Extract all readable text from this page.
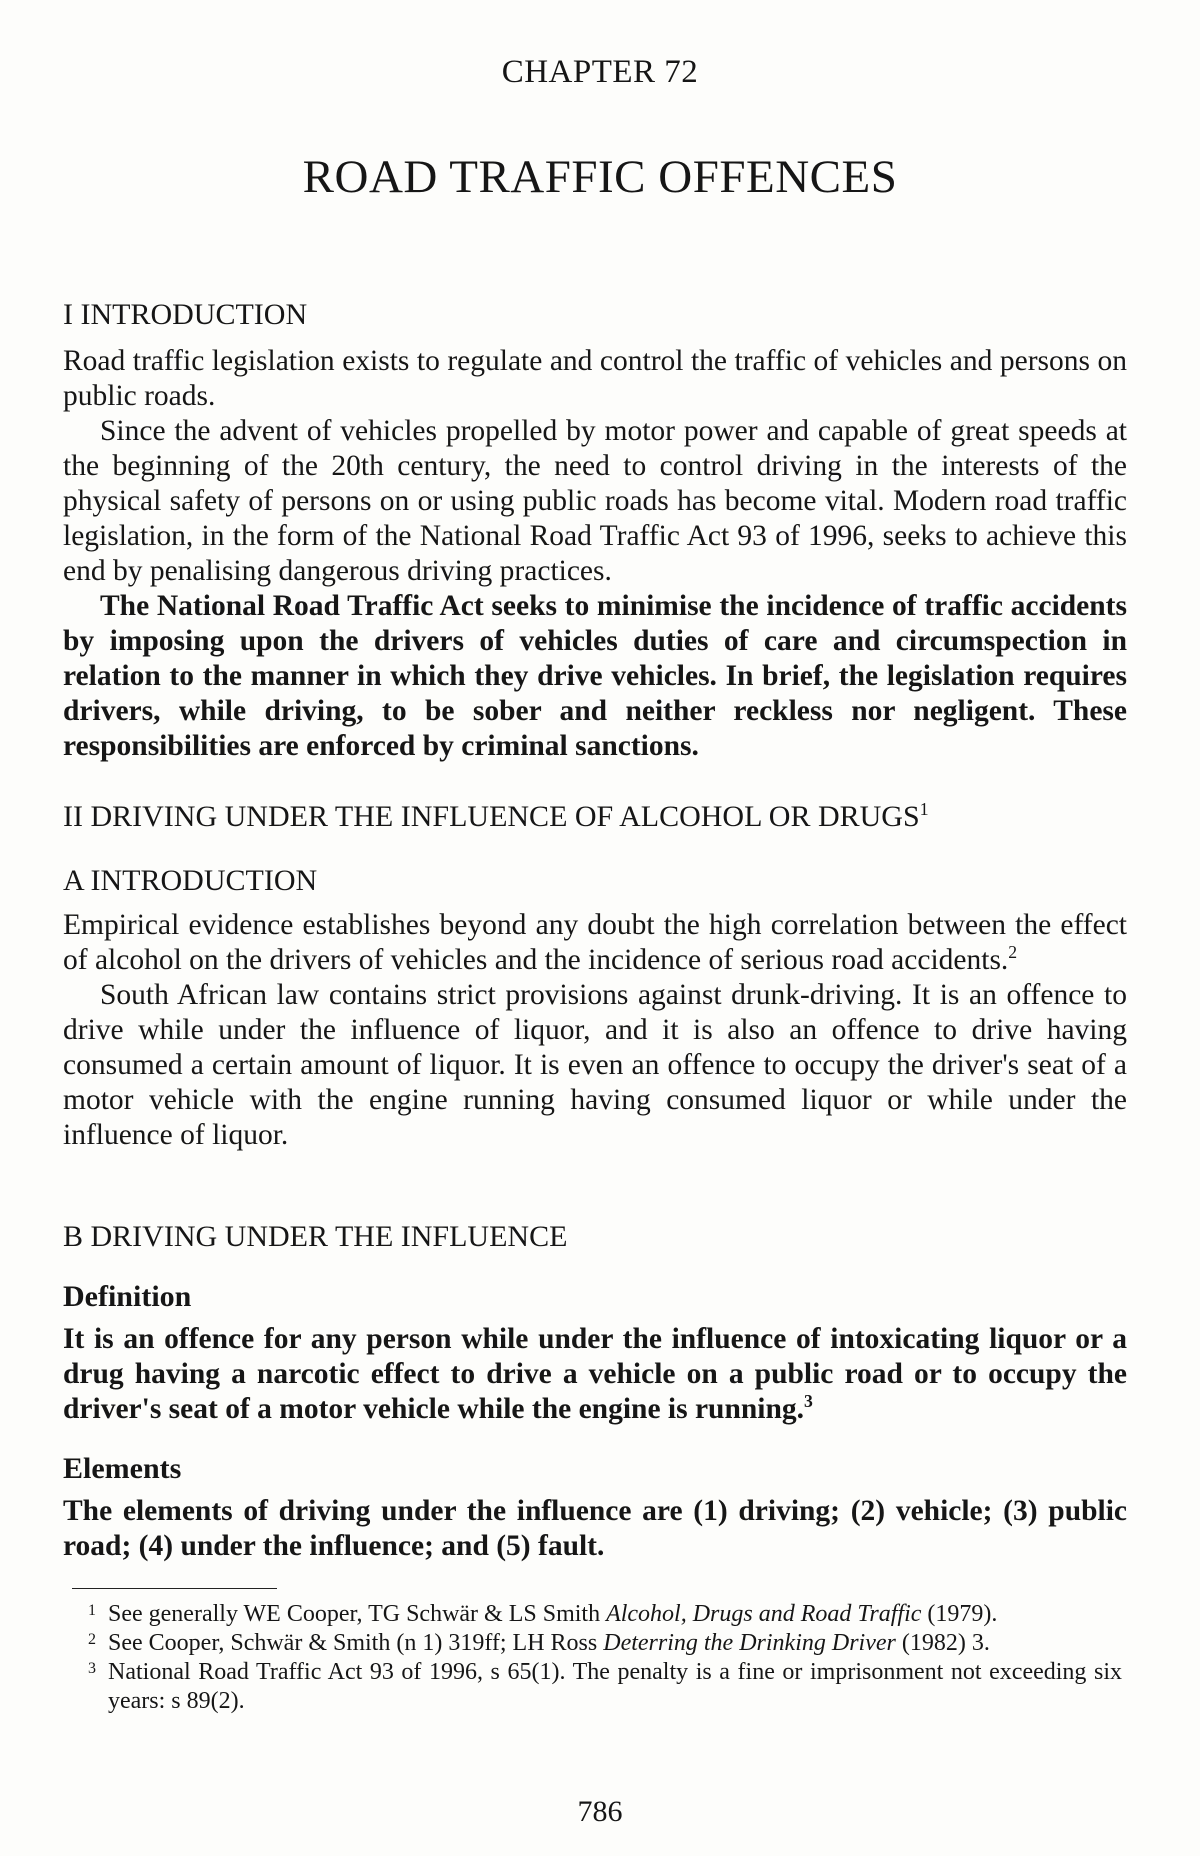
CHAPTER 72
ROAD TRAFFIC OFFENCES
I INTRODUCTION
Road traffic legislation exists to regulate and control the traffic of vehicles and persons on public roads.
Since the advent of vehicles propelled by motor power and capable of great speeds at the beginning of the 20th century, the need to control driving in the interests of the physical safety of persons on or using public roads has become vital. Modern road traffic legislation, in the form of the National Road Traffic Act 93 of 1996, seeks to achieve this end by penalising dangerous driving practices.
The National Road Traffic Act seeks to minimise the incidence of traffic accidents by imposing upon the drivers of vehicles duties of care and circumspection in relation to the manner in which they drive vehicles. In brief, the legislation requires drivers, while driving, to be sober and neither reckless nor negligent. These responsibilities are enforced by criminal sanctions.
II DRIVING UNDER THE INFLUENCE OF ALCOHOL OR DRUGS$^1$
A INTRODUCTION
Empirical evidence establishes beyond any doubt the high correlation between the effect of alcohol on the drivers of vehicles and the incidence of serious road accidents.$^2$
South African law contains strict provisions against drunk-driving. It is an offence to drive while under the influence of liquor, and it is also an offence to drive having consumed a certain amount of liquor. It is even an offence to occupy the driver's seat of a motor vehicle with the engine running having consumed liquor or while under the influence of liquor.
B DRIVING UNDER THE INFLUENCE
Definition
It is an offence for any person while under the influence of intoxicating liquor or a drug having a narcotic effect to drive a vehicle on a public road or to occupy the driver's seat of a motor vehicle while the engine is running.$^3$
Elements
The elements of driving under the influence are (1) driving; (2) vehicle; (3) public road; (4) under the influence; and (5) fault.
1 See generally WE Cooper, TG Schwär & LS Smith Alcohol, Drugs and Road Traffic (1979).
2 See Cooper, Schwär & Smith (n 1) 319ff; LH Ross Deterring the Drinking Driver (1982) 3.
3 National Road Traffic Act 93 of 1996, s 65(1). The penalty is a fine or imprisonment not exceeding six years: s 89(2).
786
